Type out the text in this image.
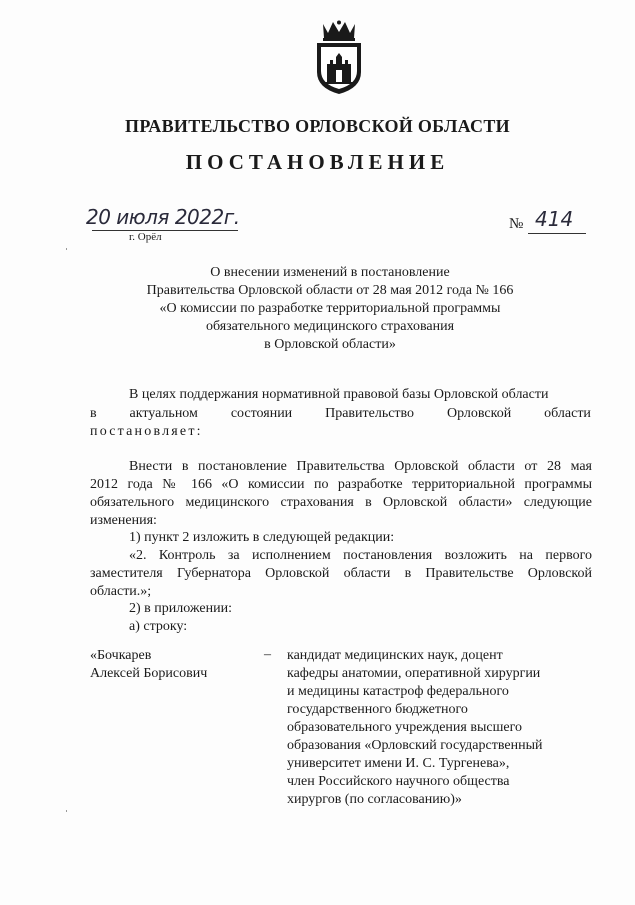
ПРАВИТЕЛЬСТВО ОРЛОВСКОЙ ОБЛАСТИ
ПОСТАНОВЛЕНИЕ
20 июля 2022г.
г. Орёл
№ 414
О внесении изменений в постановление
Правительства Орловской области от 28 мая 2012 года № 166
«О комиссии по разработке территориальной программы
обязательного медицинского страхования
в Орловской области»
В целях поддержания нормативной правовой базы Орловской области
в актуальном состоянии Правительство Орловской области
постановляет:
Внести в постановление Правительства Орловской области от 28 мая
2012 года № 166 «О комиссии по разработке территориальной программы
обязательного медицинского страхования в Орловской области» следующие
изменения:
1) пункт 2 изложить в следующей редакции:
«2. Контроль за исполнением постановления возложить на первого
заместителя Губернатора Орловской области в Правительстве Орловской
области.»;
2) в приложении:
а) строку:
«Бочкарев
Алексей Борисович
– кандидат медицинских наук, доцент
кафедры анатомии, оперативной хирургии
и медицины катастроф федерального
государственного бюджетного
образовательного учреждения высшего
образования «Орловский государственный
университет имени И. С. Тургенева»,
член Российского научного общества
хирургов (по согласованию)»
